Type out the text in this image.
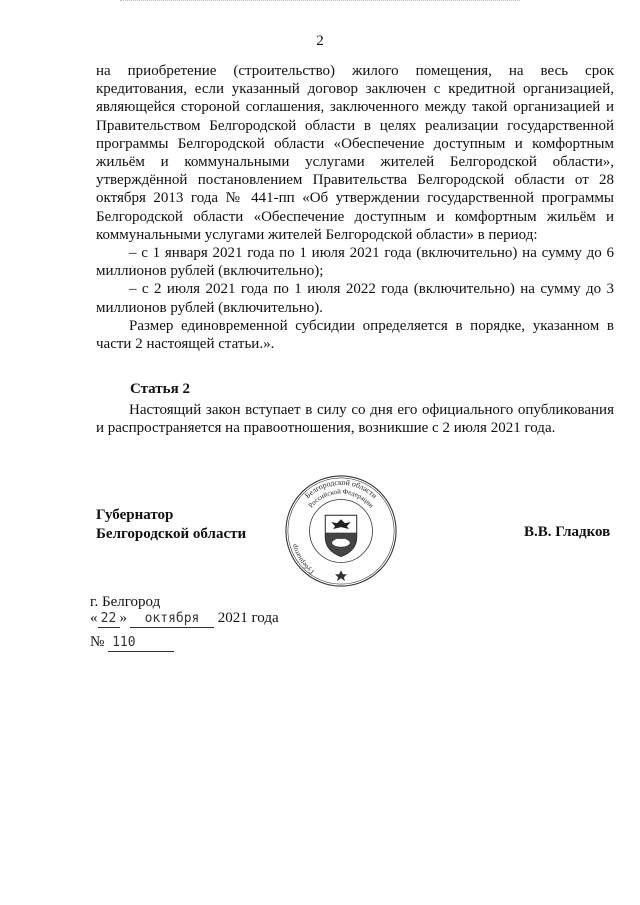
2

на приобретение (строительство) жилого помещения, на весь срок кредитования, если указанный договор заключен с кредитной организацией, являющейся стороной соглашения, заключенного между такой организацией и Правительством Белгородской области в целях реализации государственной программы Белгородской области «Обеспечение доступным и комфортным жильём и коммунальными услугами жителей Белгородской области», утверждённой постановлением Правительства Белгородской области от 28 октября 2013 года № 441-пп «Об утверждении государственной программы Белгородской области «Обеспечение доступным и комфортным жильём и коммунальными услугами жителей Белгородской области» в период:

– с 1 января 2021 года по 1 июля 2021 года (включительно) на сумму до 6 миллионов рублей (включительно);

– с 2 июля 2021 года по 1 июля 2022 года (включительно) на сумму до 3 миллионов рублей (включительно).

Размер единовременной субсидии определяется в порядке, указанном в части 2 настоящей статьи.».

Статья 2

Настоящий закон вступает в силу со дня его официального опубликования и распространяется на правоотношения, возникшие с 2 июля 2021 года.

Губернатор
Белгородской области
Белгородской области
Российской Федерации
Губернатор
В.В. Гладков
г. Белгород
« 22 » октября 2021 года
№ 110
